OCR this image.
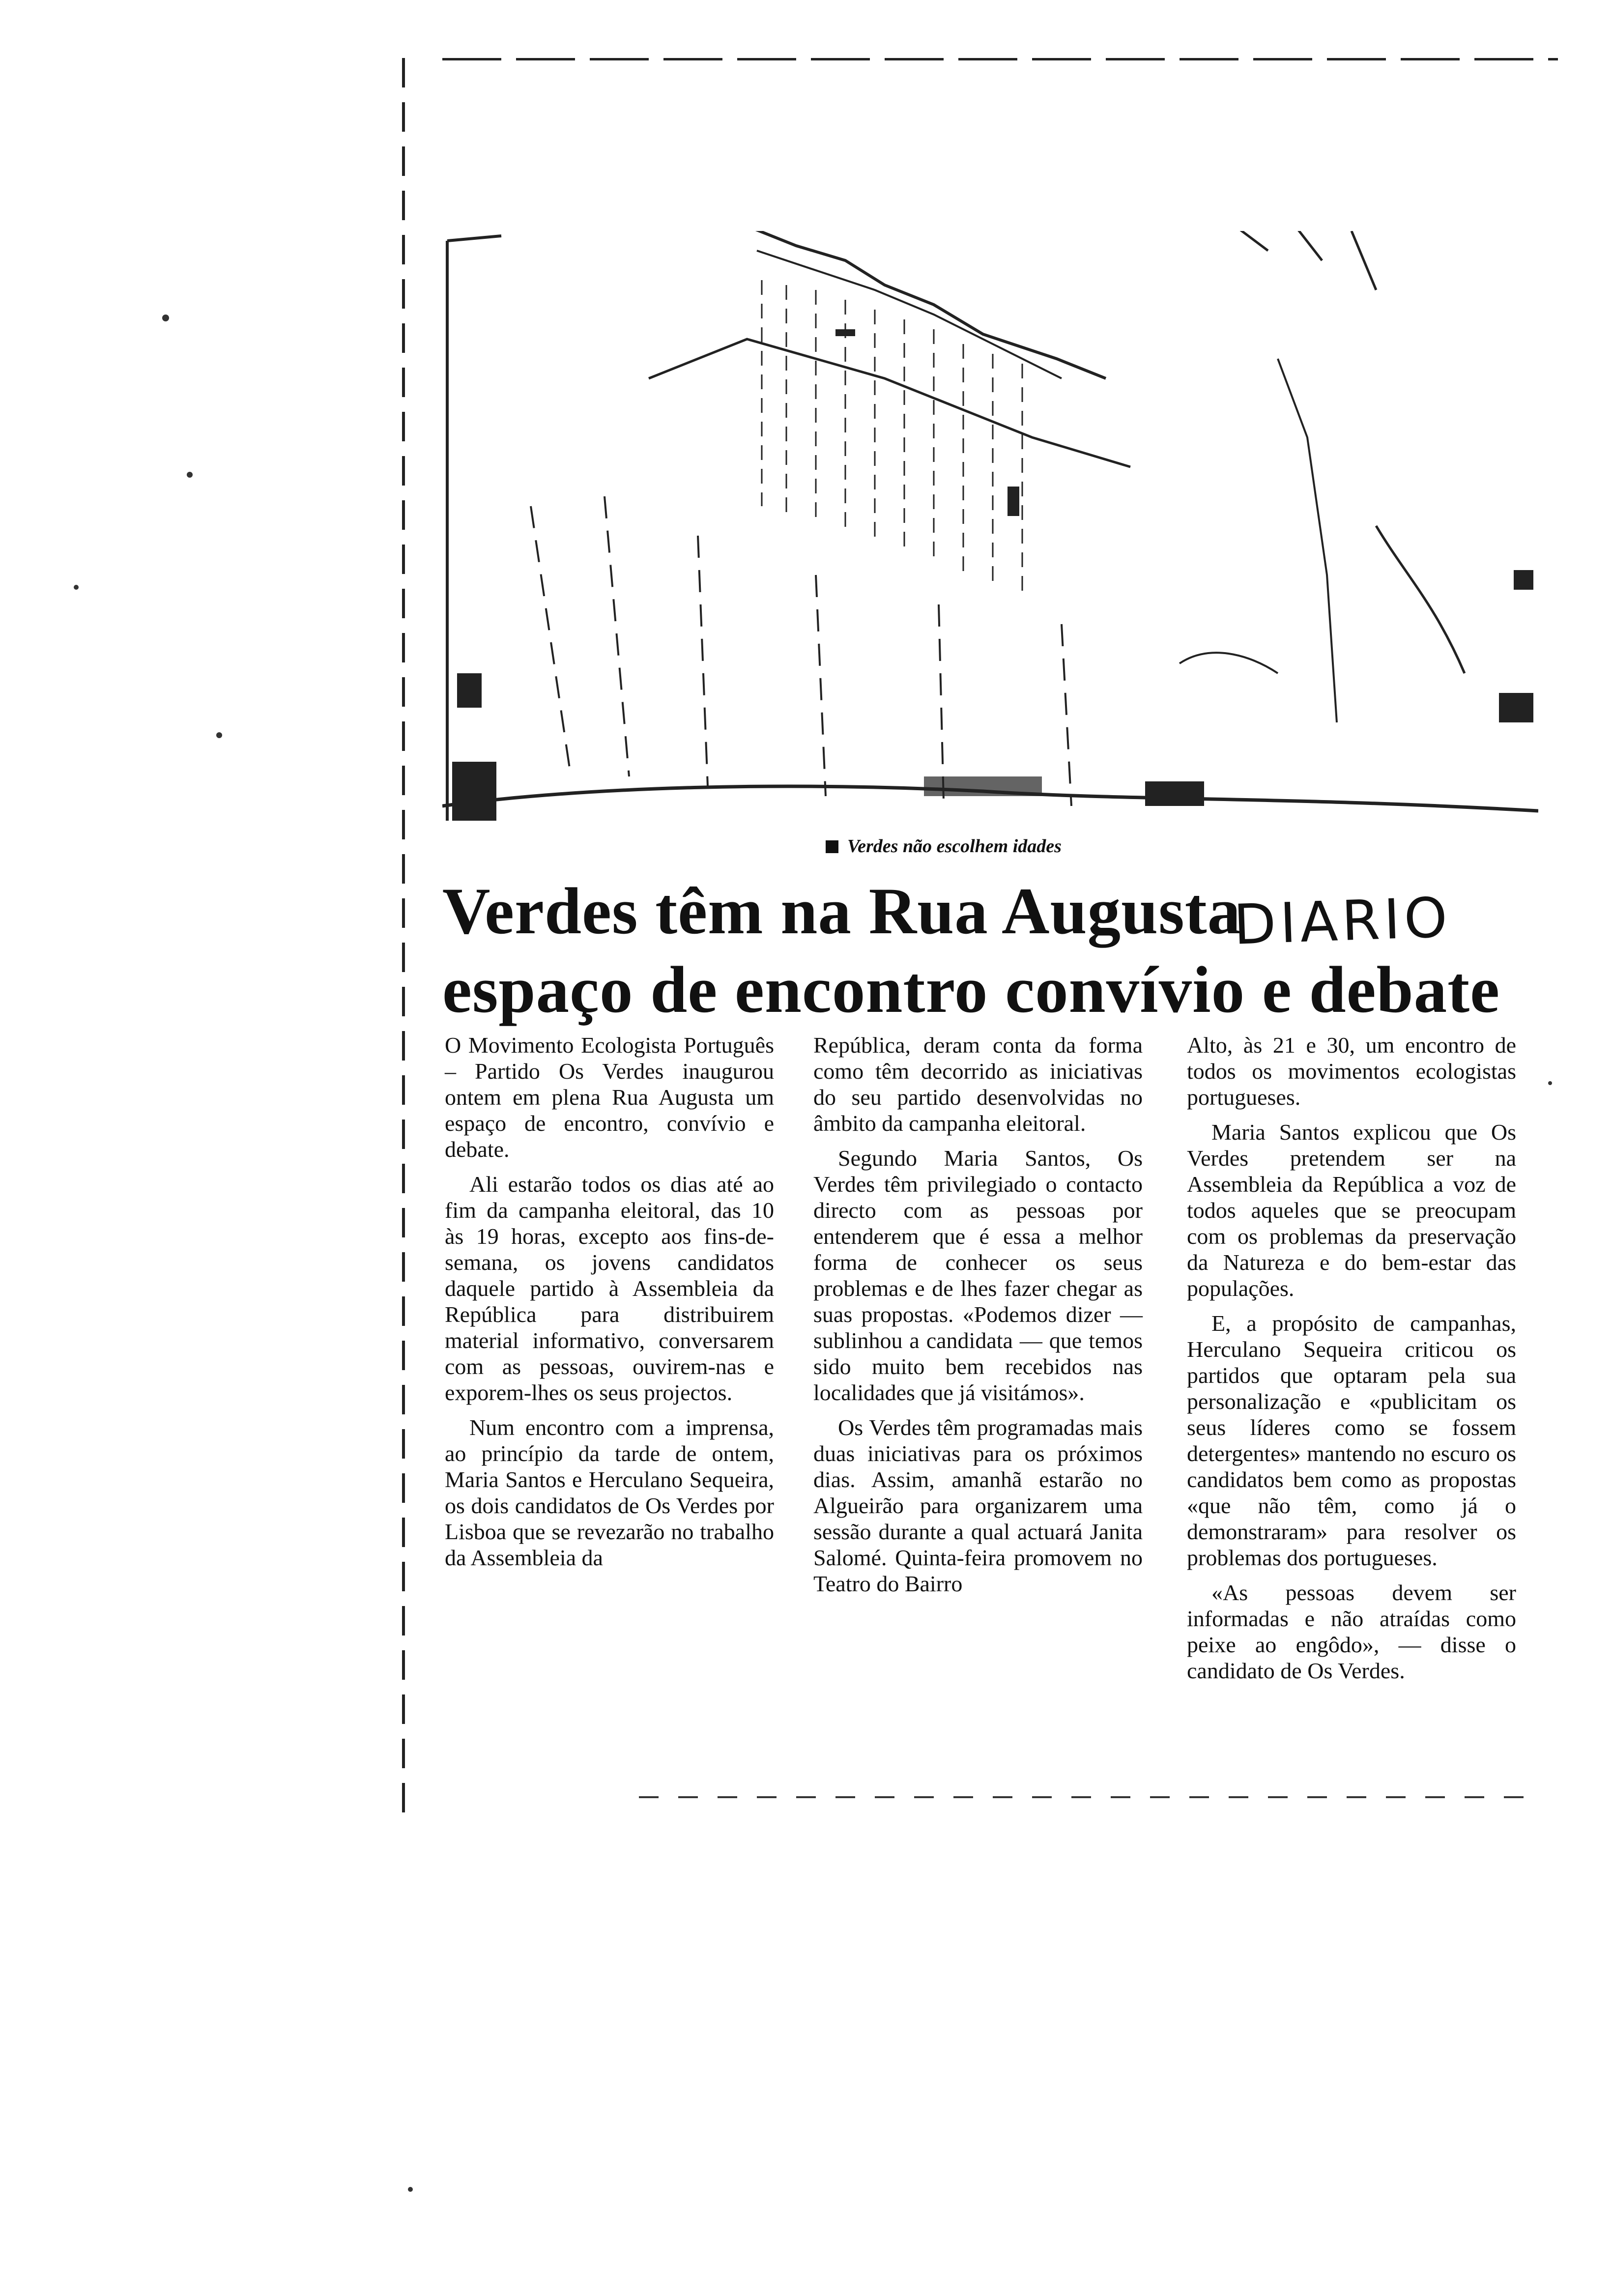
Verdes não escolhem idades
Verdes têm na Rua Augusta
espaço de encontro convívio e debate
DIARIO

O Movimento Ecologista Português – Partido Os Verdes inaugurou ontem em plena Rua Augusta um espaço de encontro, convívio e debate.

Ali estarão todos os dias até ao fim da campanha eleitoral, das 10 às 19 horas, excepto aos fins-de-semana, os jovens candidatos daquele partido à Assembleia da República para distribuirem material informativo, conversarem com as pessoas, ouvirem-nas e exporem-lhes os seus projectos.

Num encontro com a imprensa, ao princípio da tarde de ontem, Maria Santos e Herculano Sequeira, os dois candidatos de Os Verdes por Lisboa que se revezarão no trabalho da Assembleia da

República, deram conta da forma como têm decorrido as iniciativas do seu partido desenvolvidas no âmbito da campanha eleitoral.

Segundo Maria Santos, Os Verdes têm privilegiado o contacto directo com as pessoas por entenderem que é essa a melhor forma de conhecer os seus problemas e de lhes fazer chegar as suas propostas. «Podemos dizer — sublinhou a candidata — que temos sido muito bem recebidos nas localidades que já visitámos».

Os Verdes têm programadas mais duas iniciativas para os próximos dias. Assim, amanhã estarão no Algueirão para organizarem uma sessão durante a qual actuará Janita Salomé. Quinta-feira promovem no Teatro do Bairro

Alto, às 21 e 30, um encontro de todos os movimentos ecologistas portugueses.

Maria Santos explicou que Os Verdes pretendem ser na Assembleia da República a voz de todos aqueles que se preocupam com os problemas da preservação da Natureza e do bem-estar das populações.

E, a propósito de campanhas, Herculano Sequeira criticou os partidos que optaram pela sua personalização e «publicitam os seus líderes como se fossem detergentes» mantendo no escuro os candidatos bem como as propostas «que não têm, como já o demonstraram» para resolver os problemas dos portugueses.

«As pessoas devem ser informadas e não atraídas como peixe ao engôdo», — disse o candidato de Os Verdes.
